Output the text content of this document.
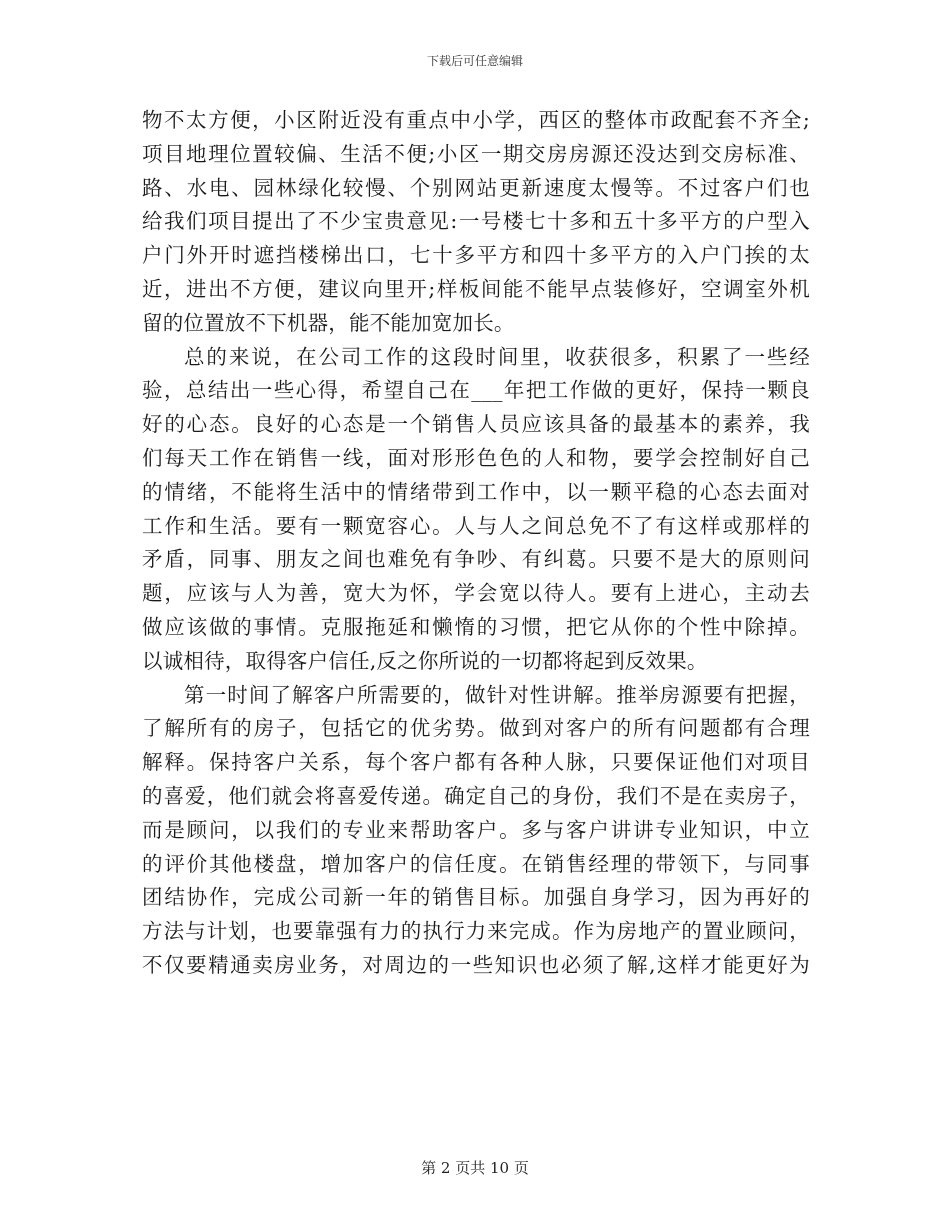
下载后可任意编辑
物不太方便，小区附近没有重点中小学，西区的整体市政配套不齐全;
项目地理位置较偏、生活不便;小区一期交房房源还没达到交房标准、
路、水电、园林绿化较慢、个别网站更新速度太慢等。不过客户们也
给我们项目提出了不少宝贵意见:一号楼七十多和五十多平方的户型入
户门外开时遮挡楼梯出口，七十多平方和四十多平方的入户门挨的太
近，进出不方便，建议向里开;样板间能不能早点装修好，空调室外机
留的位置放不下机器，能不能加宽加长。
总的来说，在公司工作的这段时间里，收获很多，积累了一些经
验，总结出一些心得，希望自己在___年把工作做的更好，保持一颗良
好的心态。良好的心态是一个销售人员应该具备的最基本的素养，我
们每天工作在销售一线，面对形形色色的人和物，要学会控制好自己
的情绪，不能将生活中的情绪带到工作中，以一颗平稳的心态去面对
工作和生活。要有一颗宽容心。人与人之间总免不了有这样或那样的
矛盾，同事、朋友之间也难免有争吵、有纠葛。只要不是大的原则问
题，应该与人为善，宽大为怀，学会宽以待人。要有上进心，主动去
做应该做的事情。克服拖延和懒惰的习惯，把它从你的个性中除掉。
以诚相待，取得客户信任,反之你所说的一切都将起到反效果。
第一时间了解客户所需要的，做针对性讲解。推举房源要有把握，
了解所有的房子，包括它的优劣势。做到对客户的所有问题都有合理
解释。保持客户关系，每个客户都有各种人脉，只要保证他们对项目
的喜爱，他们就会将喜爱传递。确定自己的身份，我们不是在卖房子，
而是顾问，以我们的专业来帮助客户。多与客户讲讲专业知识，中立
的评价其他楼盘，增加客户的信任度。在销售经理的带领下，与同事
团结协作，完成公司新一年的销售目标。加强自身学习，因为再好的
方法与计划，也要靠强有力的执行力来完成。作为房地产的置业顾问，
不仅要精通卖房业务，对周边的一些知识也必须了解,这样才能更好为
第 2 页共 10 页
